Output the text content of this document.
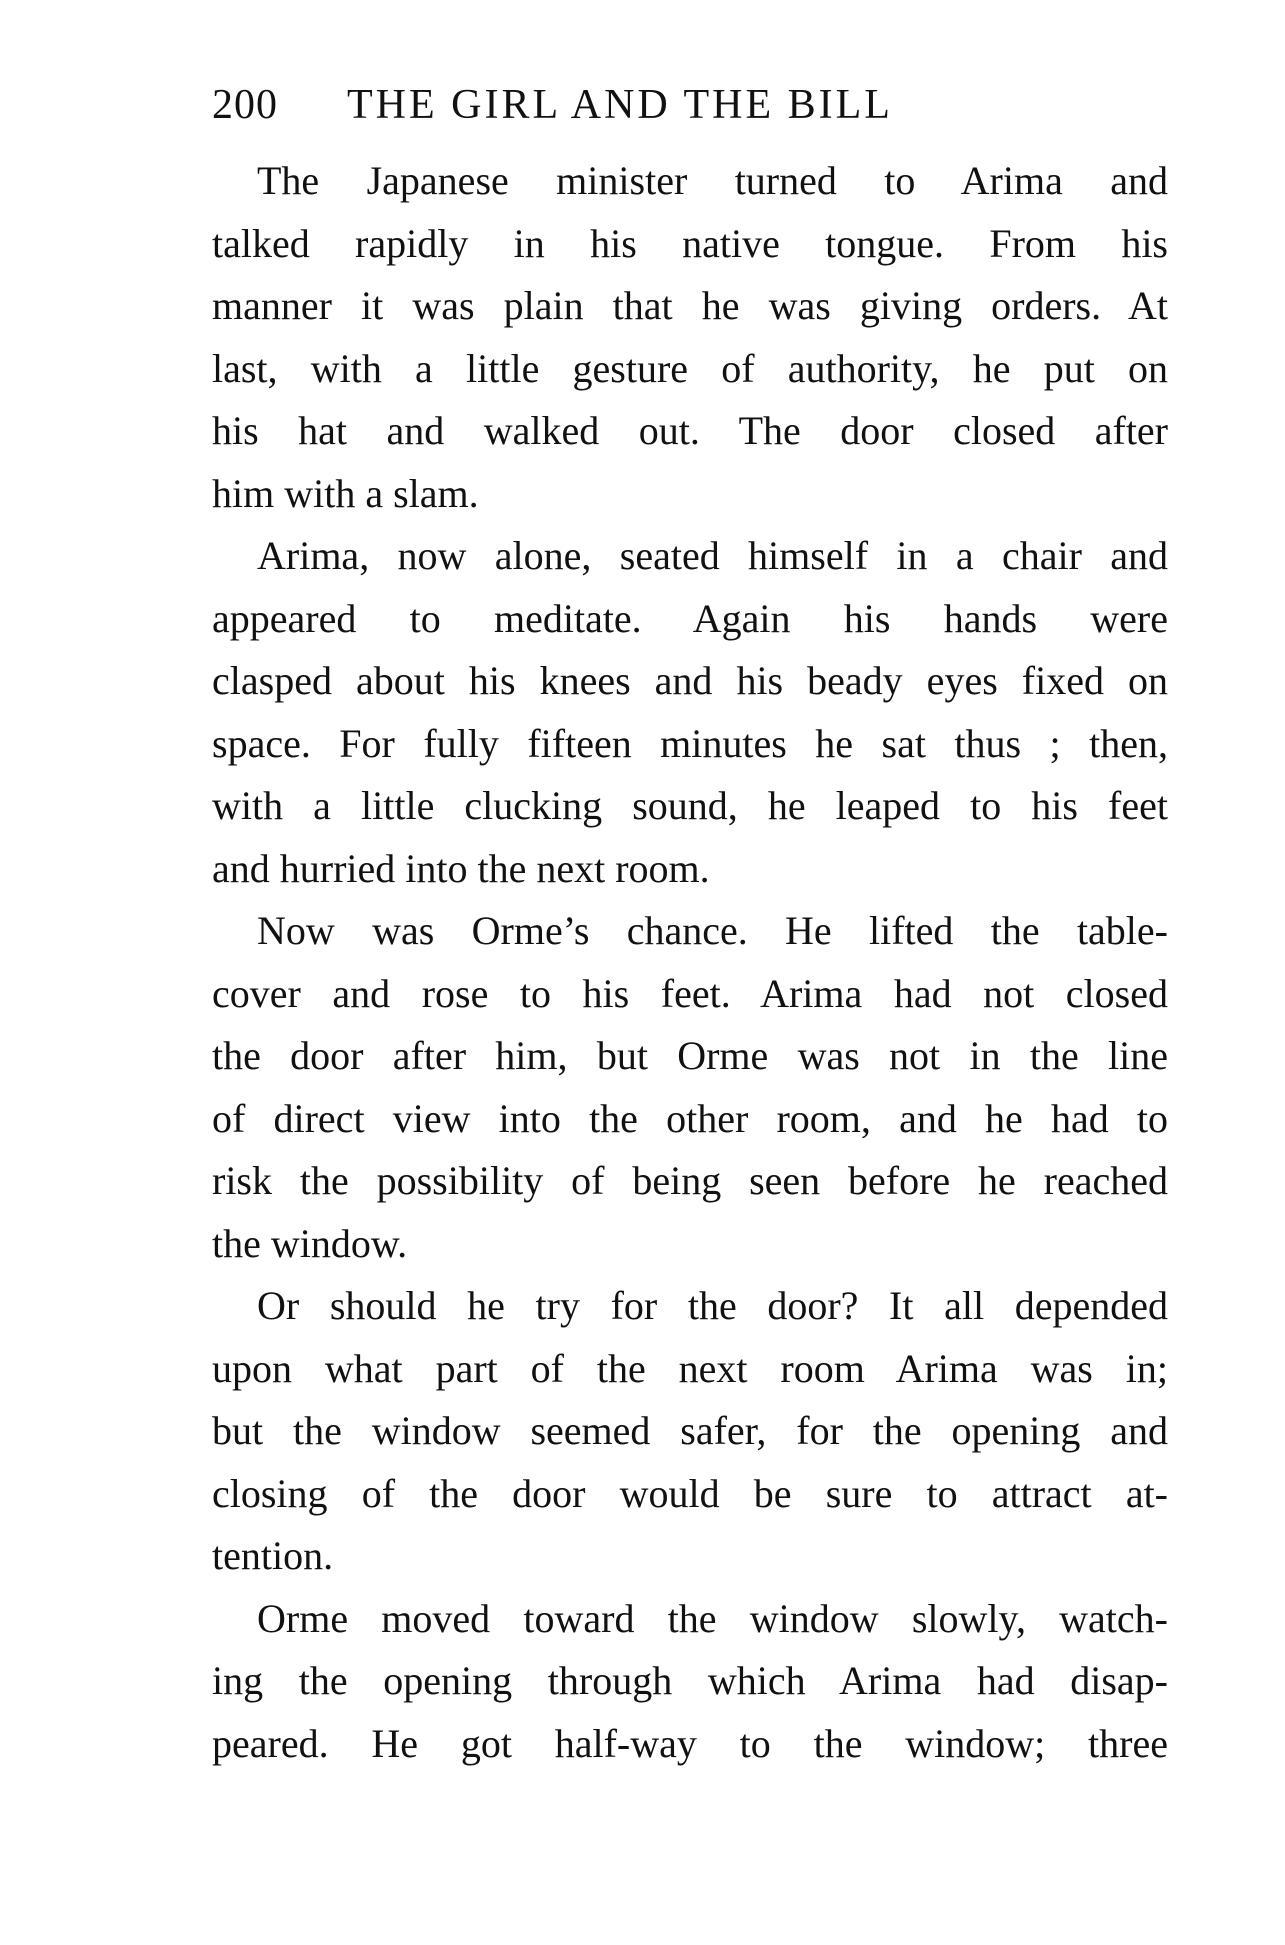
200 THE GIRL AND THE BILL
The Japanese minister turned to Arima and
talked rapidly in his native tongue. From his
manner it was plain that he was giving orders. At
last, with a little gesture of authority, he put on
his hat and walked out. The door closed after
him with a slam.
Arima, now alone, seated himself in a chair and
appeared to meditate. Again his hands were
clasped about his knees and his beady eyes fixed on
space. For fully fifteen minutes he sat thus ; then,
with a little clucking sound, he leaped to his feet
and hurried into the next room.
Now was Orme’s chance. He lifted the table-
cover and rose to his feet. Arima had not closed
the door after him, but Orme was not in the line
of direct view into the other room, and he had to
risk the possibility of being seen before he reached
the window.
Or should he try for the door? It all depended
upon what part of the next room Arima was in;
but the window seemed safer, for the opening and
closing of the door would be sure to attract at-
tention.
Orme moved toward the window slowly, watch-
ing the opening through which Arima had disap-
peared. He got half-way to the window; three
